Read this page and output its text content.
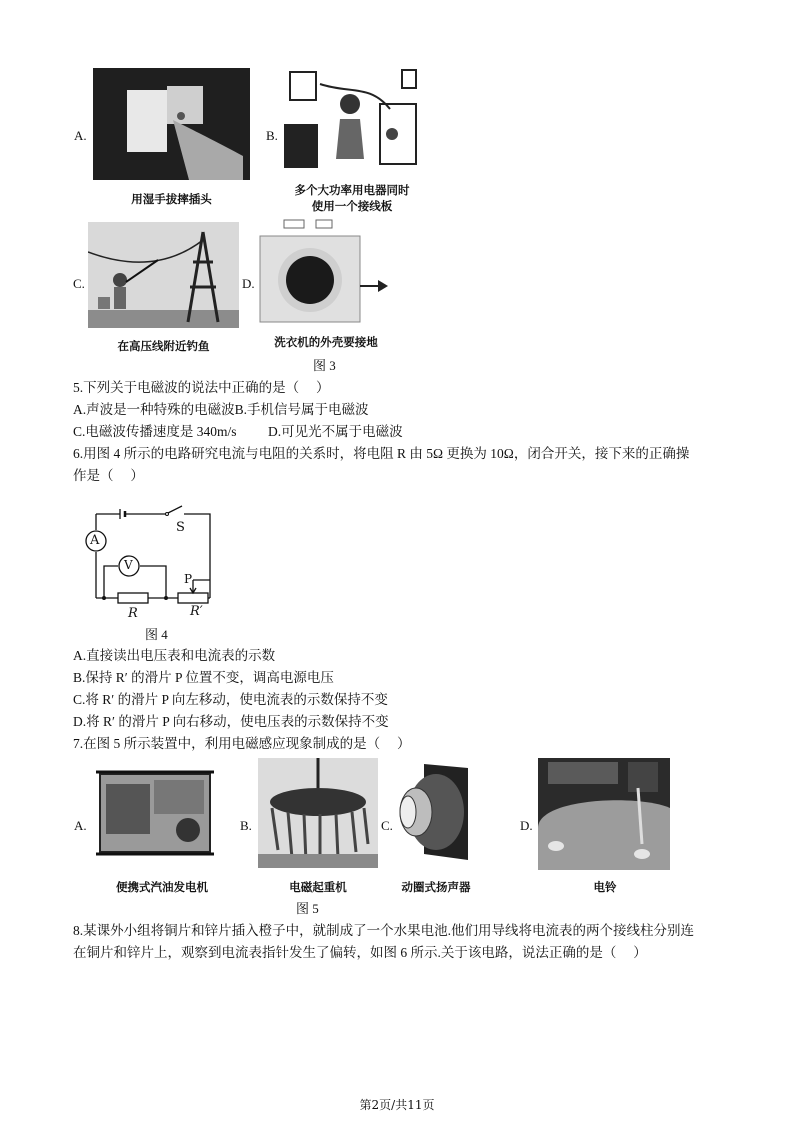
A.
用湿手拔摔插头
B.
多个大功率用电器同时
使用一个接线板
C.
在高压线附近钓鱼
D.
洗衣机的外壳要接地
图 3
5.下列关于电磁波的说法中正确的是（　 ）
A.声波是一种特殊的电磁波B.手机信号属于电磁波
C.电磁波传播速度是 340m/s D.可见光不属于电磁波
6.用图 4 所示的电路研究电流与电阻的关系时，将电阻 R 由 5Ω 更换为 10Ω，闭合开关，接下来的正确操
作是（　 ）
A
V
S
P
R	R′
图 4
A.直接读出电压表和电流表的示数
B.保持 R′ 的滑片 P 位置不变，调高电源电压
C.将 R′ 的滑片 P 向左移动，使电流表的示数保持不变
D.将 R′ 的滑片 P 向右移动，使电压表的示数保持不变
7.在图 5 所示装置中，利用电磁感应现象制成的是（　 ）
A.
便携式汽油发电机
B.
电磁起重机
C.
动圈式扬声器
D.
电铃
图 5
8.某课外小组将铜片和锌片插入橙子中，就制成了一个水果电池.他们用导线将电流表的两个接线柱分别连
在铜片和锌片上，观察到电流表指针发生了偏转，如图 6 所示.关于该电路，说法正确的是（　 ）
第2页/共11页
